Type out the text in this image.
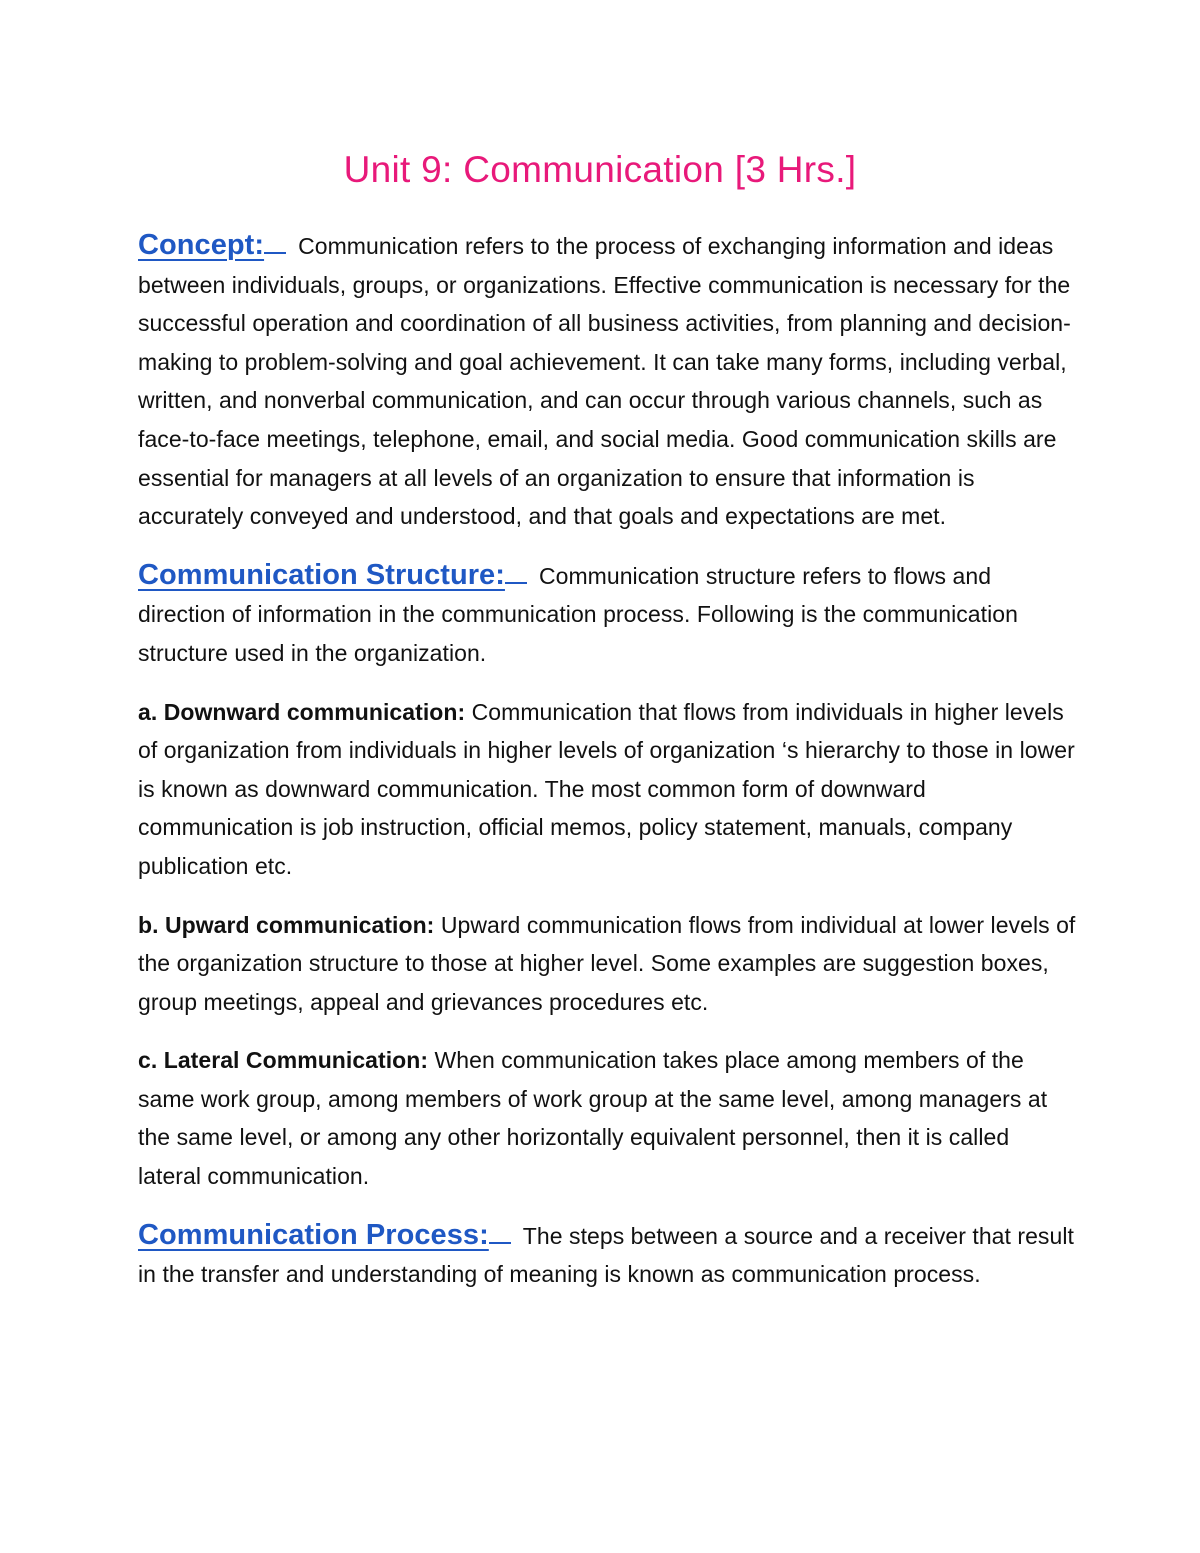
Unit 9: Communication [3 Hrs.]

Concept: Communication refers to the process of exchanging information and ideas between individuals, groups, or organizations. Effective communication is necessary for the successful operation and coordination of all business activities, from planning and decision-making to problem-solving and goal achievement. It can take many forms, including verbal, written, and nonverbal communication, and can occur through various channels, such as face-to-face meetings, telephone, email, and social media. Good communication skills are essential for managers at all levels of an organization to ensure that information is accurately conveyed and understood, and that goals and expectations are met.

Communication Structure: Communication structure refers to flows and direction of information in the communication process. Following is the communication structure used in the organization.

a. Downward communication: Communication that flows from individuals in higher levels of organization from individuals in higher levels of organization ‘s hierarchy to those in lower is known as downward communication. The most common form of downward communication is job instruction, official memos, policy statement, manuals, company publication etc.

b. Upward communication: Upward communication flows from individual at lower levels of the organization structure to those at higher level. Some examples are suggestion boxes, group meetings, appeal and grievances procedures etc.

c. Lateral Communication: When communication takes place among members of the same work group, among members of work group at the same level, among managers at the same level, or among any other horizontally equivalent personnel, then it is called lateral communication.

Communication Process: The steps between a source and a receiver that result in the transfer and understanding of meaning is known as communication process.
